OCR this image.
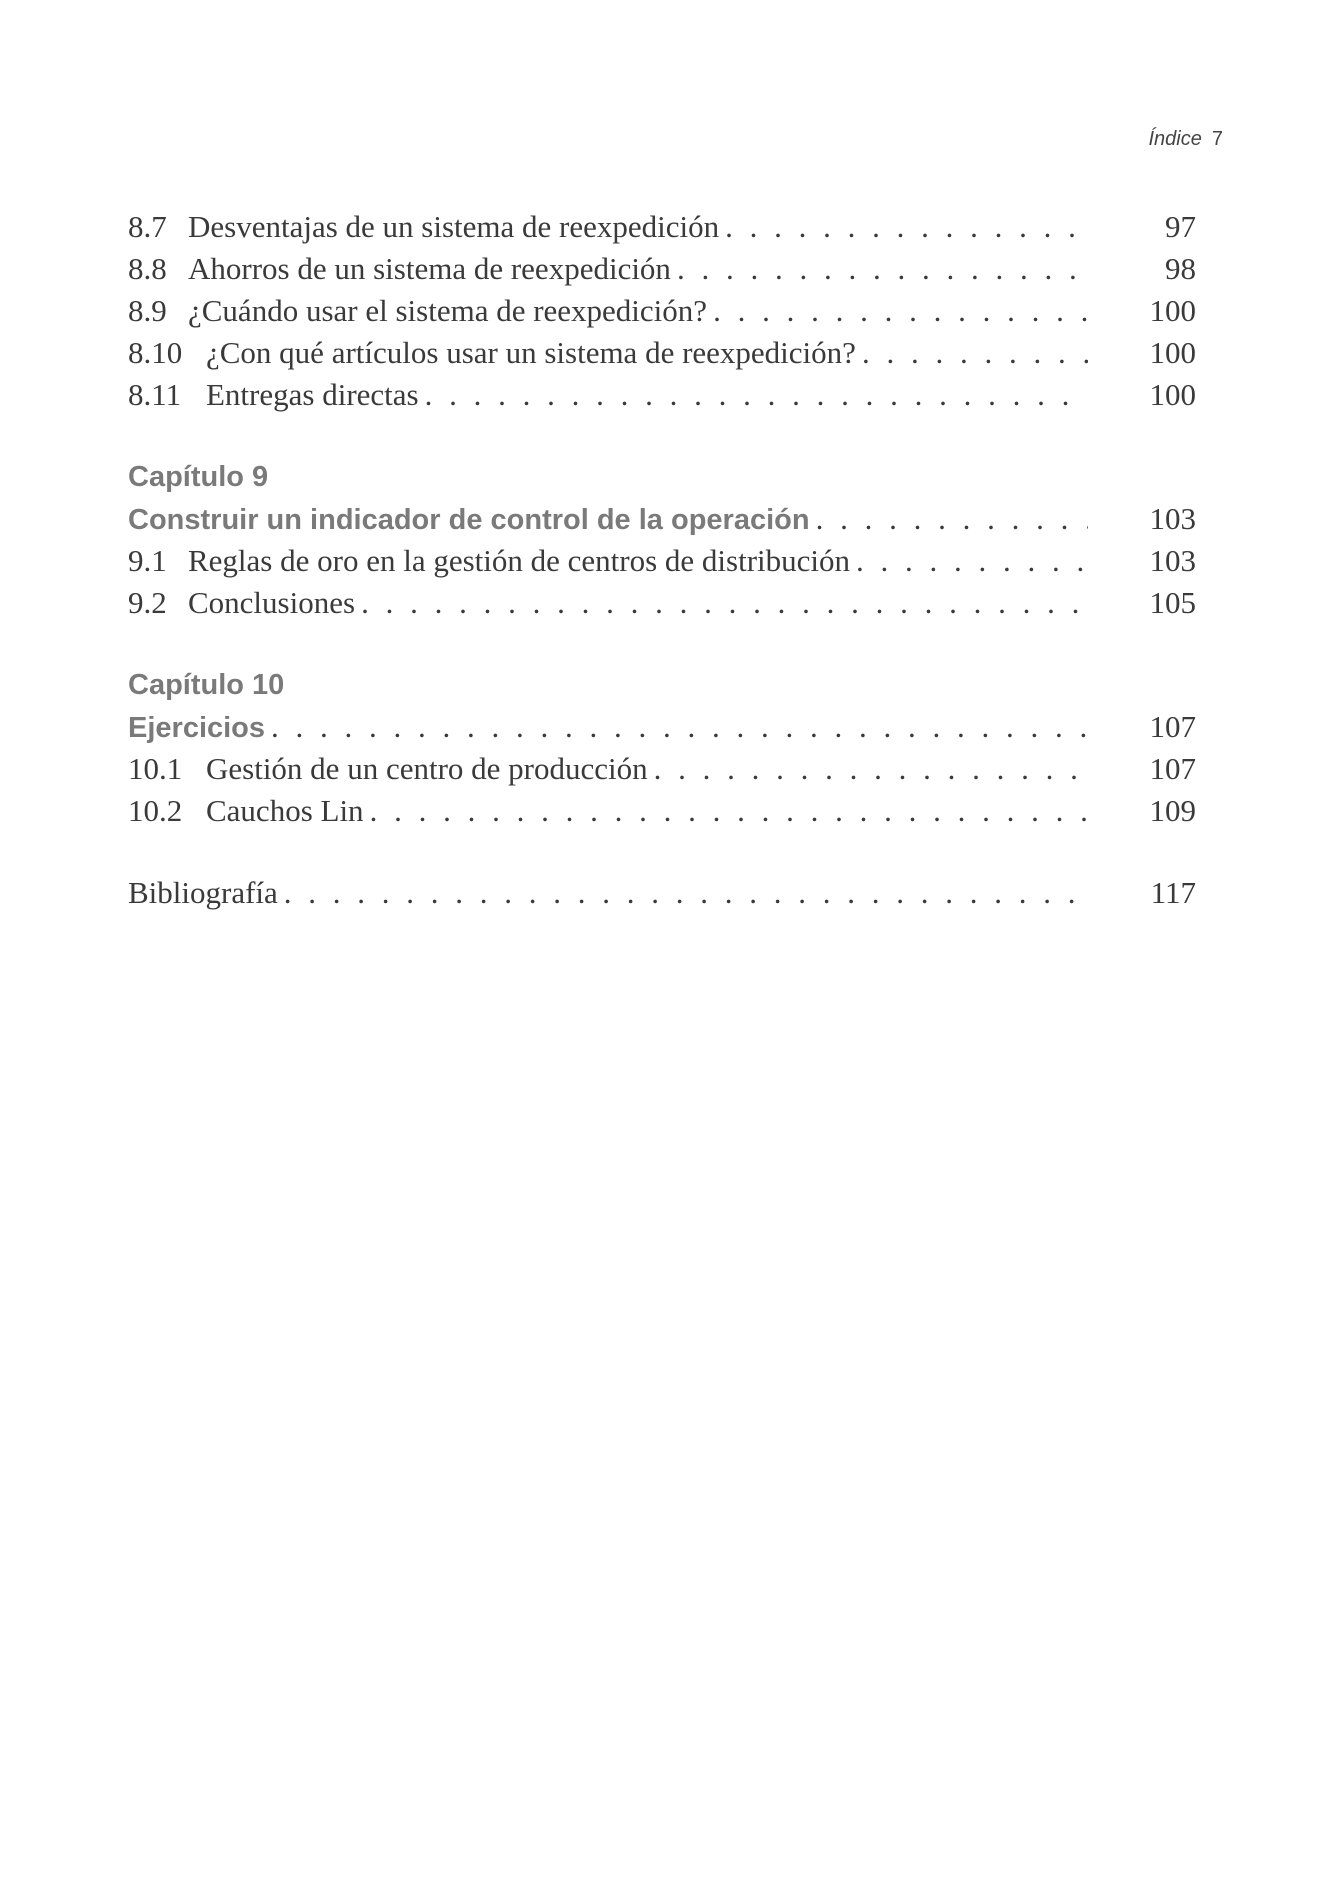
Índice 7
8.7 Desventajas de un sistema de reexpedición . . .	97
8.8 Ahorros de un sistema de reexpedición . . .	98
8.9 ¿Cuándo usar el sistema de reexpedición? . . .	100
8.10 ¿Con qué artículos usar un sistema de reexpedición? . . .	100
8.11 Entregas directas . . .	100
Capítulo 9
Construir un indicador de control de la operación . . .	103
9.1 Reglas de oro en la gestión de centros de distribución . . .	103
9.2 Conclusiones . . .	105
Capítulo 10
Ejercicios . . .	107
10.1 Gestión de un centro de producción . . .	107
10.2 Cauchos Lin . . .	109
Bibliografía . . .	117
